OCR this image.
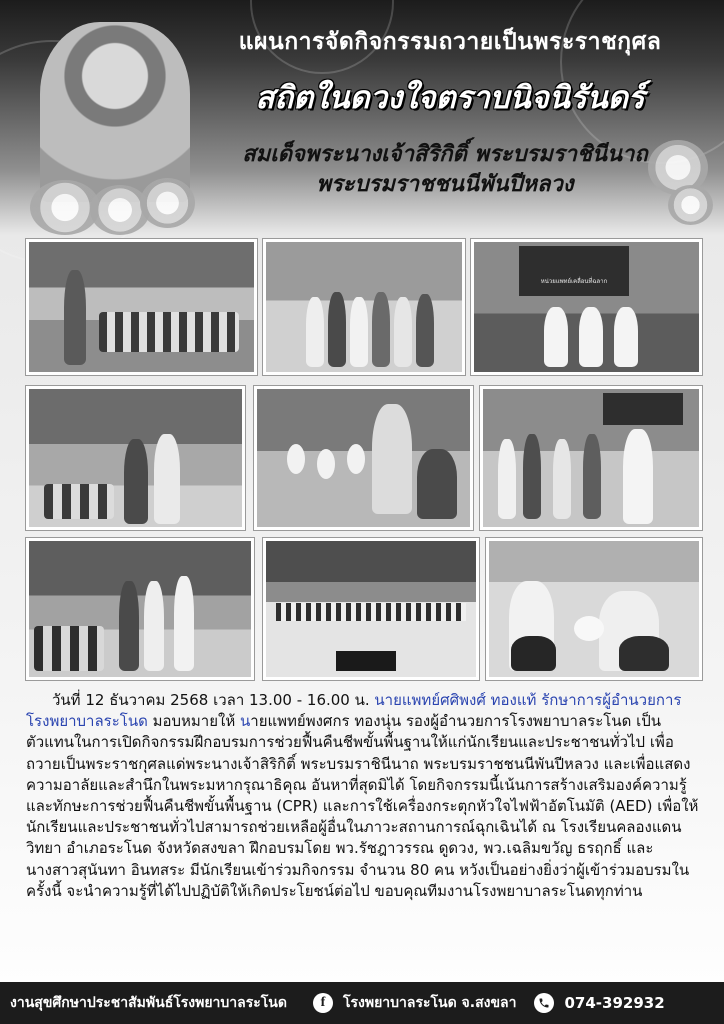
แผนการจัดกิจกรรมถวายเป็นพระราชกุศล
สถิตในดวงใจตราบนิจนิรันดร์
สมเด็จพระนางเจ้าสิริกิติ์ พระบรมราชินีนาถ
พระบรมราชชนนีพันปีหลวง
หน่วยแพทย์เคลื่อนที่ฉลาก
วันที่ 12 ธันวาคม 2568 เวลา 13.00 - 16.00 น. นายแพทย์ศศิพงศ์ ทองแท้ รักษาการผู้อำนวยการโรงพยาบาลระโนด มอบหมายให้ นายแพทย์พงศกร ทองนุ่น รองผู้อำนวยการโรงพยาบาลระโนด เป็นตัวแทนในการเปิดกิจกรรมฝึกอบรมการช่วยฟื้นคืนชีพขั้นพื้นฐานให้แก่นักเรียนและประชาชนทั่วไป เพื่อถวายเป็นพระราชกุศลแด่พระนางเจ้าสิริกิติ์ พระบรมราชินีนาถ พระบรมราชชนนีพันปีหลวง และเพื่อแสดงความอาลัยและสำนึกในพระมหากรุณาธิคุณ อันหาที่สุดมิได้ โดยกิจกรรมนี้เน้นการสร้างเสริมองค์ความรู้และทักษะการช่วยฟื้นคืนชีพขั้นพื้นฐาน (CPR) และการใช้เครื่องกระตุกหัวใจไฟฟ้าอัตโนมัติ (AED) เพื่อให้นักเรียนและประชาชนทั่วไปสามารถช่วยเหลือผู้อื่นในภาวะสถานการณ์ฉุกเฉินได้ ณ โรงเรียนคลองแดนวิทยา อำเภอระโนด จังหวัดสงขลา ฝึกอบรมโดย พว.รัชฎาวรรณ ดูดวง, พว.เฉลิมขวัญ ธรฤกธิ์ และนางสาวสุนันทา อินทสระ มีนักเรียนเข้าร่วมกิจกรรม จำนวน 80 คน หวังเป็นอย่างยิ่งว่าผู้เข้าร่วมอบรมในครั้งนี้ จะนำความรู้ที่ได้ไปปฏิบัติให้เกิดประโยชน์ต่อไป ขอบคุณทีมงานโรงพยาบาลระโนดทุกท่าน
งานสุขศึกษาประชาสัมพันธ์โรงพยาบาลระโนด	f	โรงพยาบาลระโนด จ.สงขลา	074-392932
